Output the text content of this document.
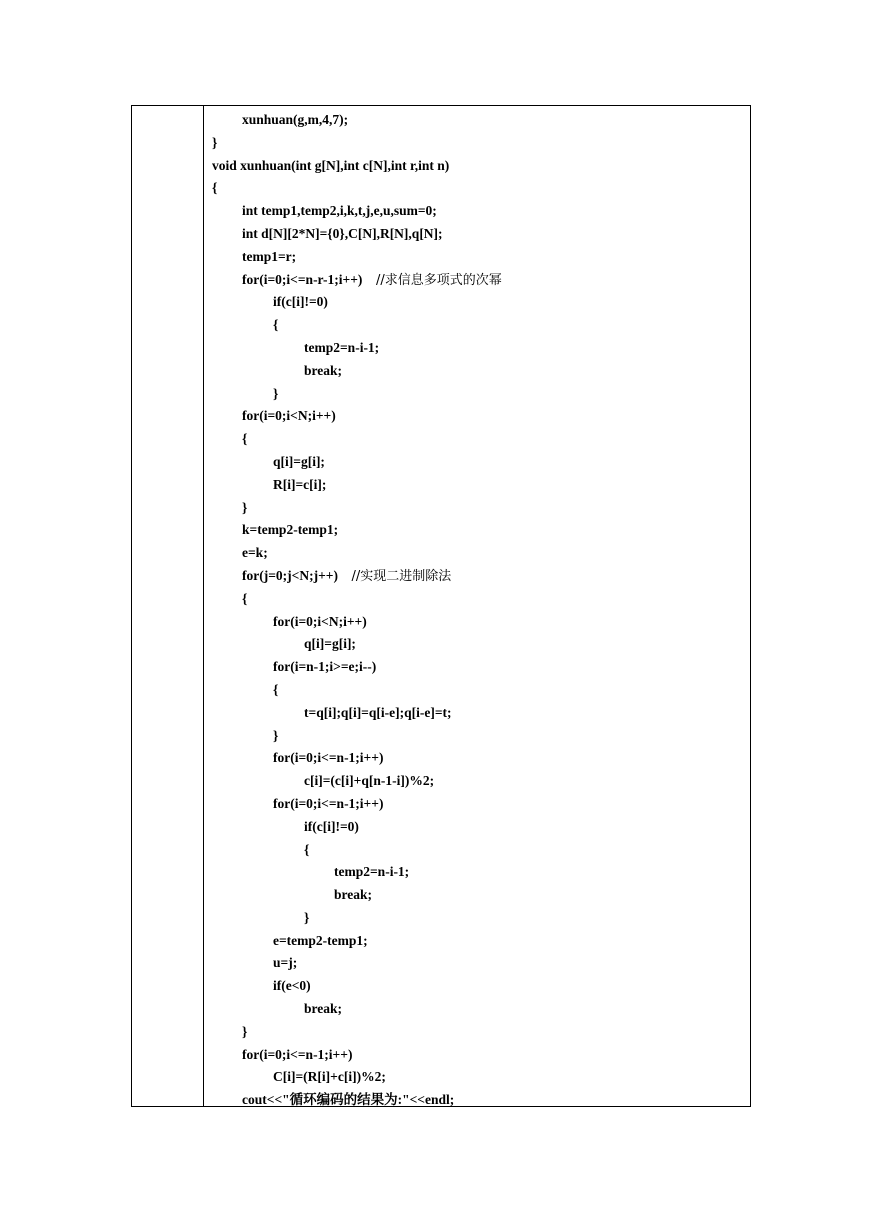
xunhuan(g,m,4,7);
}
void xunhuan(int g[N],int c[N],int r,int n)
{
int temp1,temp2,i,k,t,j,e,u,sum=0;
int d[N][2*N]={0},C[N],R[N],q[N];
temp1=r;
for(i=0;i<=n-r-1;i++)    //求信息多项式的次幂
if(c[i]!=0)
{
temp2=n-i-1;
break;
}
for(i=0;i<N;i++)
{
q[i]=g[i];
R[i]=c[i];
}
k=temp2-temp1;
e=k;
for(j=0;j<N;j++)    //实现二进制除法
{
for(i=0;i<N;i++)
q[i]=g[i];
for(i=n-1;i>=e;i--)
{
t=q[i];q[i]=q[i-e];q[i-e]=t;
}
for(i=0;i<=n-1;i++)
c[i]=(c[i]+q[n-1-i])%2;
for(i=0;i<=n-1;i++)
if(c[i]!=0)
{
temp2=n-i-1;
break;
}
e=temp2-temp1;
u=j;
if(e<0)
break;
}
for(i=0;i<=n-1;i++)
C[i]=(R[i]+c[i])%2;
cout<<"循环编码的结果为:"<<endl;
